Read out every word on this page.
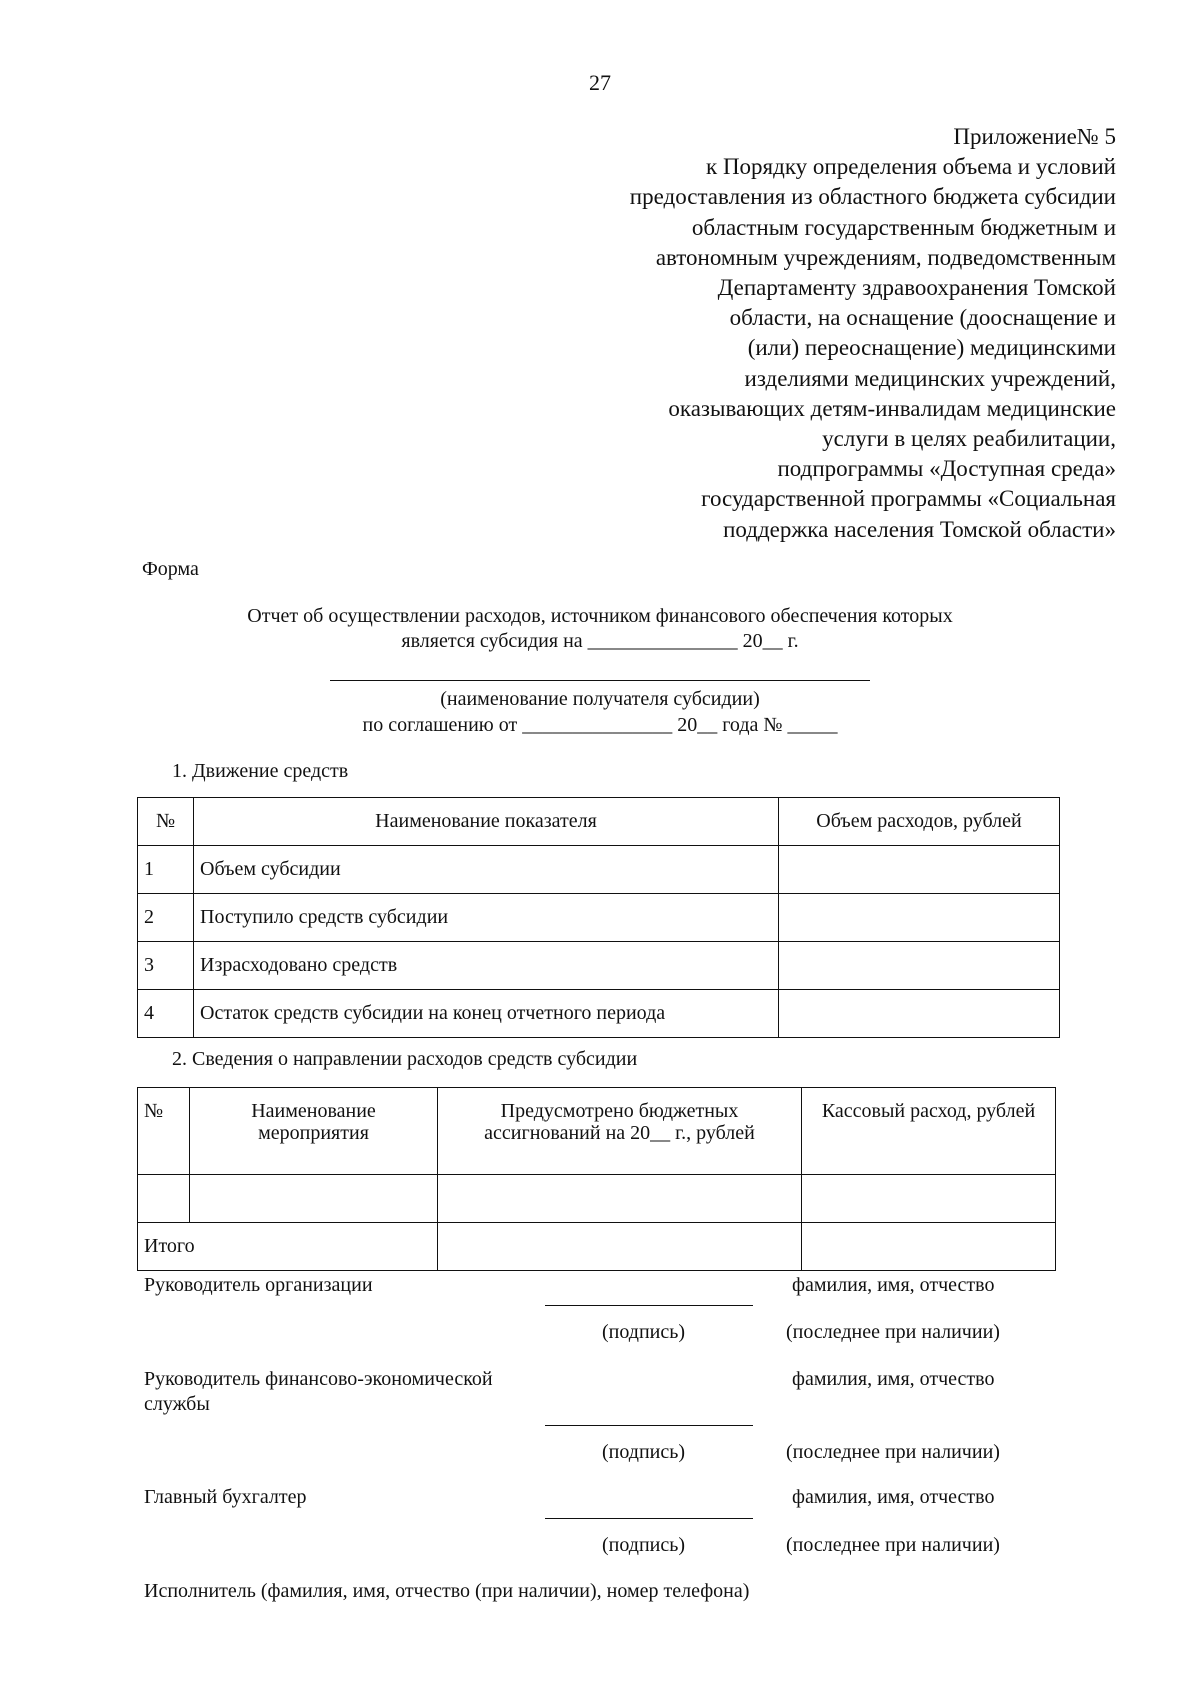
27
Приложение№ 5
к Порядку определения объема и условий
предоставления из областного бюджета субсидии
областным государственным бюджетным и
автономным учреждениям, подведомственным
Департаменту здравоохранения Томской
области, на оснащение (дооснащение и
(или) переоснащение) медицинскими
изделиями медицинских учреждений,
оказывающих детям-инвалидам медицинские
услуги в целях реабилитации,
подпрограммы «Доступная среда»
государственной программы «Социальная
поддержка населения Томской области»
Форма
Отчет об осуществлении расходов, источником финансового обеспечения которых
является субсидия на _______________ 20__ г.
(наименование получателя субсидии)
по соглашению от _______________ 20__ года № _____
1. Движение средств
№	Наименование показателя	Объем расходов, рублей
1	Объем субсидии	
2	Поступило средств субсидии	
3	Израсходовано средств	
4	Остаток средств субсидии на конец отчетного периода	
2. Сведения о направлении расходов средств субсидии
№	Наименование мероприятия	Предусмотрено бюджетных ассигнований на 20__ г., рублей	Кассовый расход, рублей

Итого			
Руководитель организации	фамилия, имя, отчество
(подпись)	(последнее при наличии)
Руководитель финансово-экономической
службы
фамилия, имя, отчество
(подпись)	(последнее при наличии)
Главный бухгалтер	фамилия, имя, отчество
(подпись)	(последнее при наличии)
Исполнитель (фамилия, имя, отчество (при наличии), номер телефона)
